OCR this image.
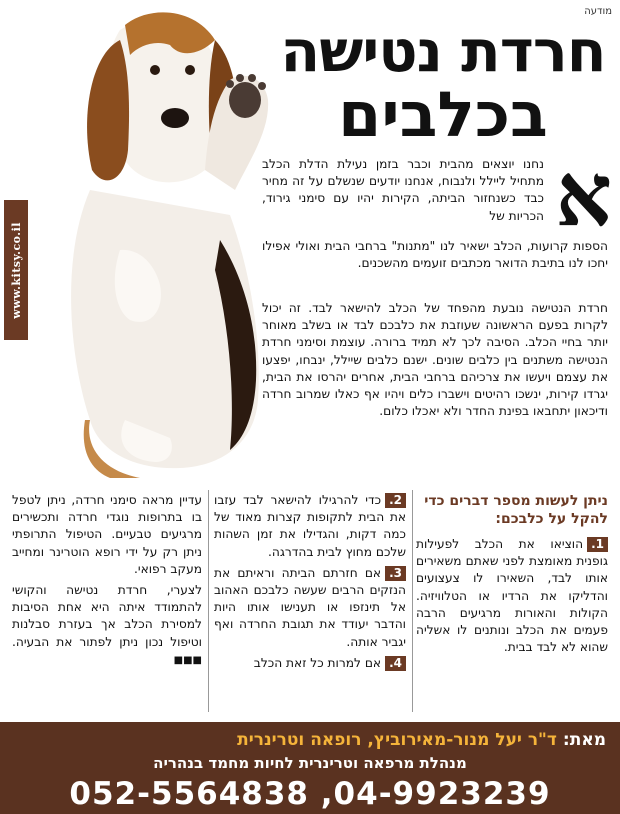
מודעה
חרדת נטישה
בכלבים
www.kitsy.co.il
א

נחנו יוצאים מהבית וכבר בזמן נעילת הדלת הכלב מתחיל ליילל ולנבוח, אנחנו יודעים שנשלם על זה מחיר כבד כשנחזור הביתה, הקירות יהיו עם סימני גירוד, הכריות של

הספות קרועות, הכלב ישאיר לנו "מתנות" ברחבי הבית ואולי אפילו יחכו לנו בתיבת הדואר מכתבים זועמים מהשכנים.

חרדת הנטישה נובעת מהפחד של הכלב להישאר לבד. זה יכול לקרות בפעם הראשונה שעוזבת את כלבכם לבד או בשלב מאוחר יותר בחיי הכלב. הסיבה לכך לא תמיד ברורה. עוצמת וסימני חרדת הנטישה משתנים בין כלבים שונים. ישנם כלבים שיילל, ינבחו, יפצעו את עצמם ויעשו את צרכיהם ברחבי הבית, אחרים יהרסו את הבית, יגרדו קירות, ינשכו רהיטים וישברו כלים ויהיו אף כאלו שמרוב חרדה ודיכאון יתחבאו בפינת החדר ולא יאכלו כלום.

ניתן לעשות מספר דברים כדי להקל על כלבכם:

1.הוציאו את הכלב לפעילות גופנית מאומצת לפני שאתם משאירים אותו לבד, השאירו לו צעצועים והדליקו את הרדיו או הטלוויזיה. הקולות והאורות מרגיעים הרבה פעמים את הכלב ונותנים לו אשליה שהוא לא לבד בבית.

2.כדי להרגילו להישאר לבד עזבו את הבית לתקופות קצרות מאוד של כמה דקות, והגדילו את זמן השהות שלכם מחוץ לבית בהדרגה.

3.אם חזרתם הביתה וראיתם את הנזקים הרבים שעשה כלבכם האהוב אל תינזפו או תענישו אותו היות והדבר יעודד את תגובת החרדה ואף יגביר אותה.

4.אם למרות כל זאת הכלב

עדיין מראה סימני חרדה, ניתן לטפל בו בתרופות נוגדי חרדה ותכשירים מרגיעים טבעיים. הטיפול התרופתי ניתן רק על ידי רופא הוטרינר ומחייב מעקב רפואי.

לצערי, חרדת נטישה והקושי להתמודד איתה היא אחת הסיבות למסירת הכלב אך בעזרת סבלנות וטיפול נכון ניתן לפתור את הבעיה. ■■■

מאת:ד"ר יעל מנור-מאירוביץ, רופאה וטרינרית
מנהלת מרפאה וטרינרית לחיות מחמד בנהריה
052-5564838 ,04-9923239
